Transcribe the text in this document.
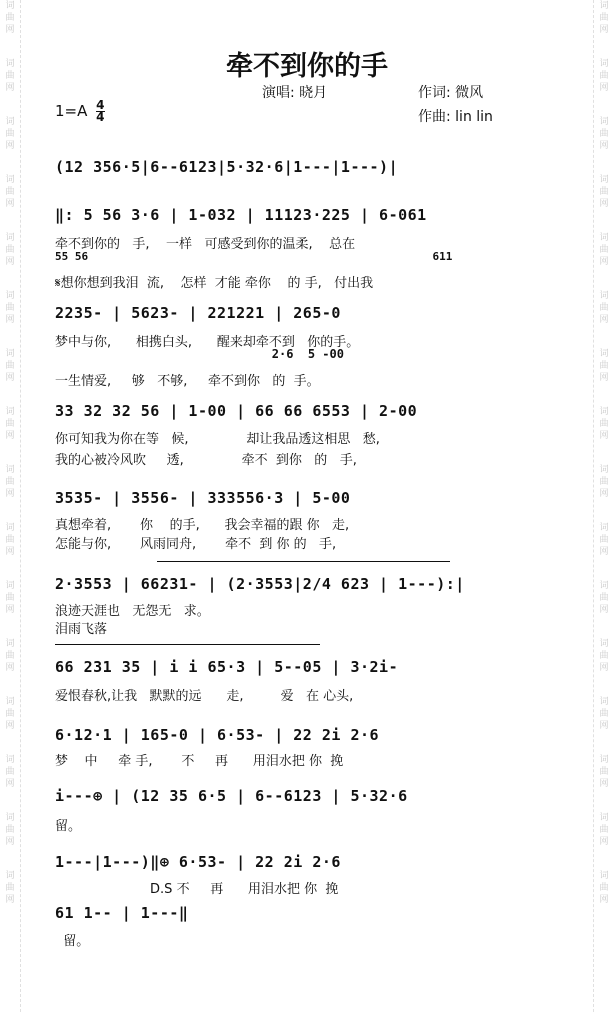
词
曲
网
词
曲
网
词
曲
网
词
曲
网
词
曲
网
词
曲
网
词
曲
网
词
曲
网
词
曲
网
词
曲
网
词
曲
网
词
曲
网
词
曲
网
词
曲
网
词
曲
网
词
曲
网
词
曲
网
词
曲
网
词
曲
网
词
曲
网
词
曲
网
词
曲
网
词
曲
网
词
曲
网
词
曲
网
词
曲
网
词
曲
网
词
曲
网
词
曲
网
词
曲
网
词
曲
网
词
曲
网
牵不到你的手
$1=A \frac{4}{4}$
演唱: 晓月	作词: 微风
作曲: lin lin
(12 356·5|6--6123|5·32·6|1---|1---)|
55 56                                                    611
‖: 5 56 3·6 | 1-032 | 11123·225 | 6-061
牵不到你的   手,    一样   可感受到你的温柔,    总在
𝄋想你想到我泪  流,    怎样  才能 牵你    的 手,   付出我
2235- | 5623- | 221221 | 265-0
梦中与你,      相携白头,      醒来却牵不到   你的手。
2·6  5 -00
一生情爱,     够   不够,     牵不到你   的  手。
33 32 32 56 | 1-00 | 66 66 6553 | 2-00
你可知我为你在等   候,              却让我品透这相思   愁,
我的心被冷风吹     透,              牵不  到你   的   手,
3535- | 3556- | 333556·3 | 5-00
真想牵着,       你    的手,      我会幸福的跟 你   走,
怎能与你,       风雨同舟,       牵不  到 你 的   手,
2·3553 | 66231- | (2·3553|2/4 623 | 1---):|
浪迹天涯也   无怨无   求。
泪雨飞落
66 231 35 | i i 65·3 | 5--05 | 3·2i-
爱恨春秋,让我   默默的远      走,         爱   在 心头,
6·12·1 | 165-0 | 6·53- | 22 2i 2·6
梦    中     牵 手,       不     再      用泪水把 你  挽
i---⊕ | (12 35 6·5 | 6--6123 | 5·32·6
留。
1---|1---)‖⊕ 6·53- | 22 2i 2·6
D.S 不     再      用泪水把 你  挽
61 1-- | 1---‖
留。
